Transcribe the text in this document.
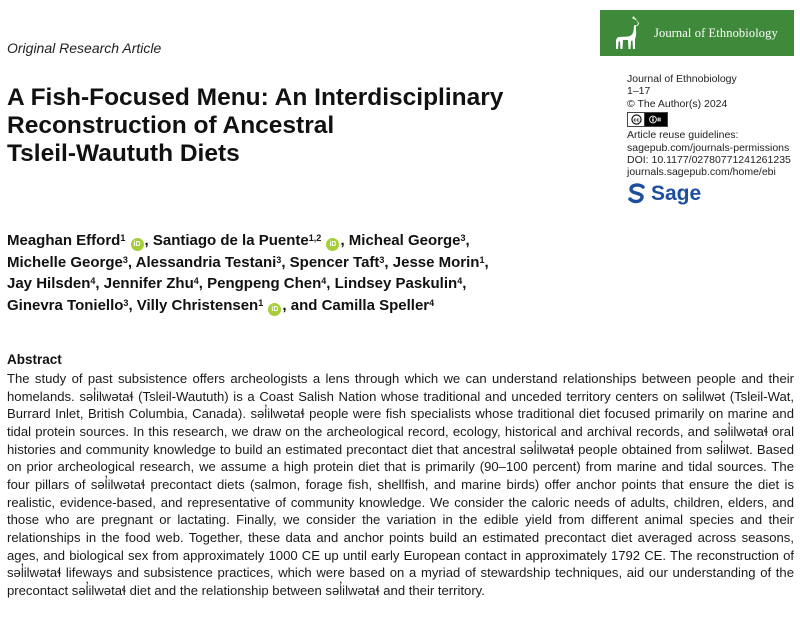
Original Research Article
Journal of Ethnobiology
A Fish-Focused Menu: An Interdisciplinary
Reconstruction of Ancestral
Tsleil-Waututh Diets
Journal of Ethnobiology
1–17
© The Author(s) 2024
cc
Article reuse guidelines:
sagepub.com/journals-permissions
DOI: 10.1177/02780771241261235
journals.sagepub.com/home/ebi
Sage
Meaghan Efford$^1$ iD , Santiago de la Puente$^{1,2}$ iD , Micheal George$^3$,
Michelle George$^3$, Alessandria Testani$^3$, Spencer Taft$^3$, Jesse Morin$^1$,
Jay Hilsden$^4$, Jennifer Zhu$^4$, Pengpeng Chen$^4$, Lindsey Paskulin$^4$,
Ginevra Toniello$^3$, Villy Christensen$^1$ iD , and Camilla Speller$^4$
Abstract

The study of past subsistence offers archeologists a lens through which we can understand relationships between people and their homelands. səl̓ilwətaɬ (Tsleil-Waututh) is a Coast Salish Nation whose traditional and unceded territory centers on səl̓ilwət (Tsleil-Wat, Burrard Inlet, British Columbia, Canada). səl̓ilwətaɬ people were fish specialists whose traditional diet focused primarily on marine and tidal protein sources. In this research, we draw on the archeological record, ecology, historical and archival records, and səl̓ilwətaɬ oral histories and community knowledge to build an estimated precontact diet that ancestral səl̓ilwətaɬ people obtained from səl̓ilwət. Based on prior archeological research, we assume a high protein diet that is primarily (90–100 percent) from marine and tidal sources. The four pillars of səl̓ilwətaɬ precontact diets (salmon, forage fish, shellfish, and marine birds) offer anchor points that ensure the diet is realistic, evidence-based, and representative of community knowledge. We consider the caloric needs of adults, children, elders, and those who are pregnant or lactating. Finally, we consider the variation in the edible yield from different animal species and their relationships in the food web. Together, these data and anchor points build an estimated precontact diet averaged across seasons, ages, and biological sex from approximately 1000 CE up until early European contact in approximately 1792 CE. The reconstruction of səl̓ilwətaɬ lifeways and subsistence practices, which were based on a myriad of stewardship techniques, aid our understanding of the precontact səl̓ilwətaɬ diet and the relationship between səl̓ilwətaɬ and their territory.
